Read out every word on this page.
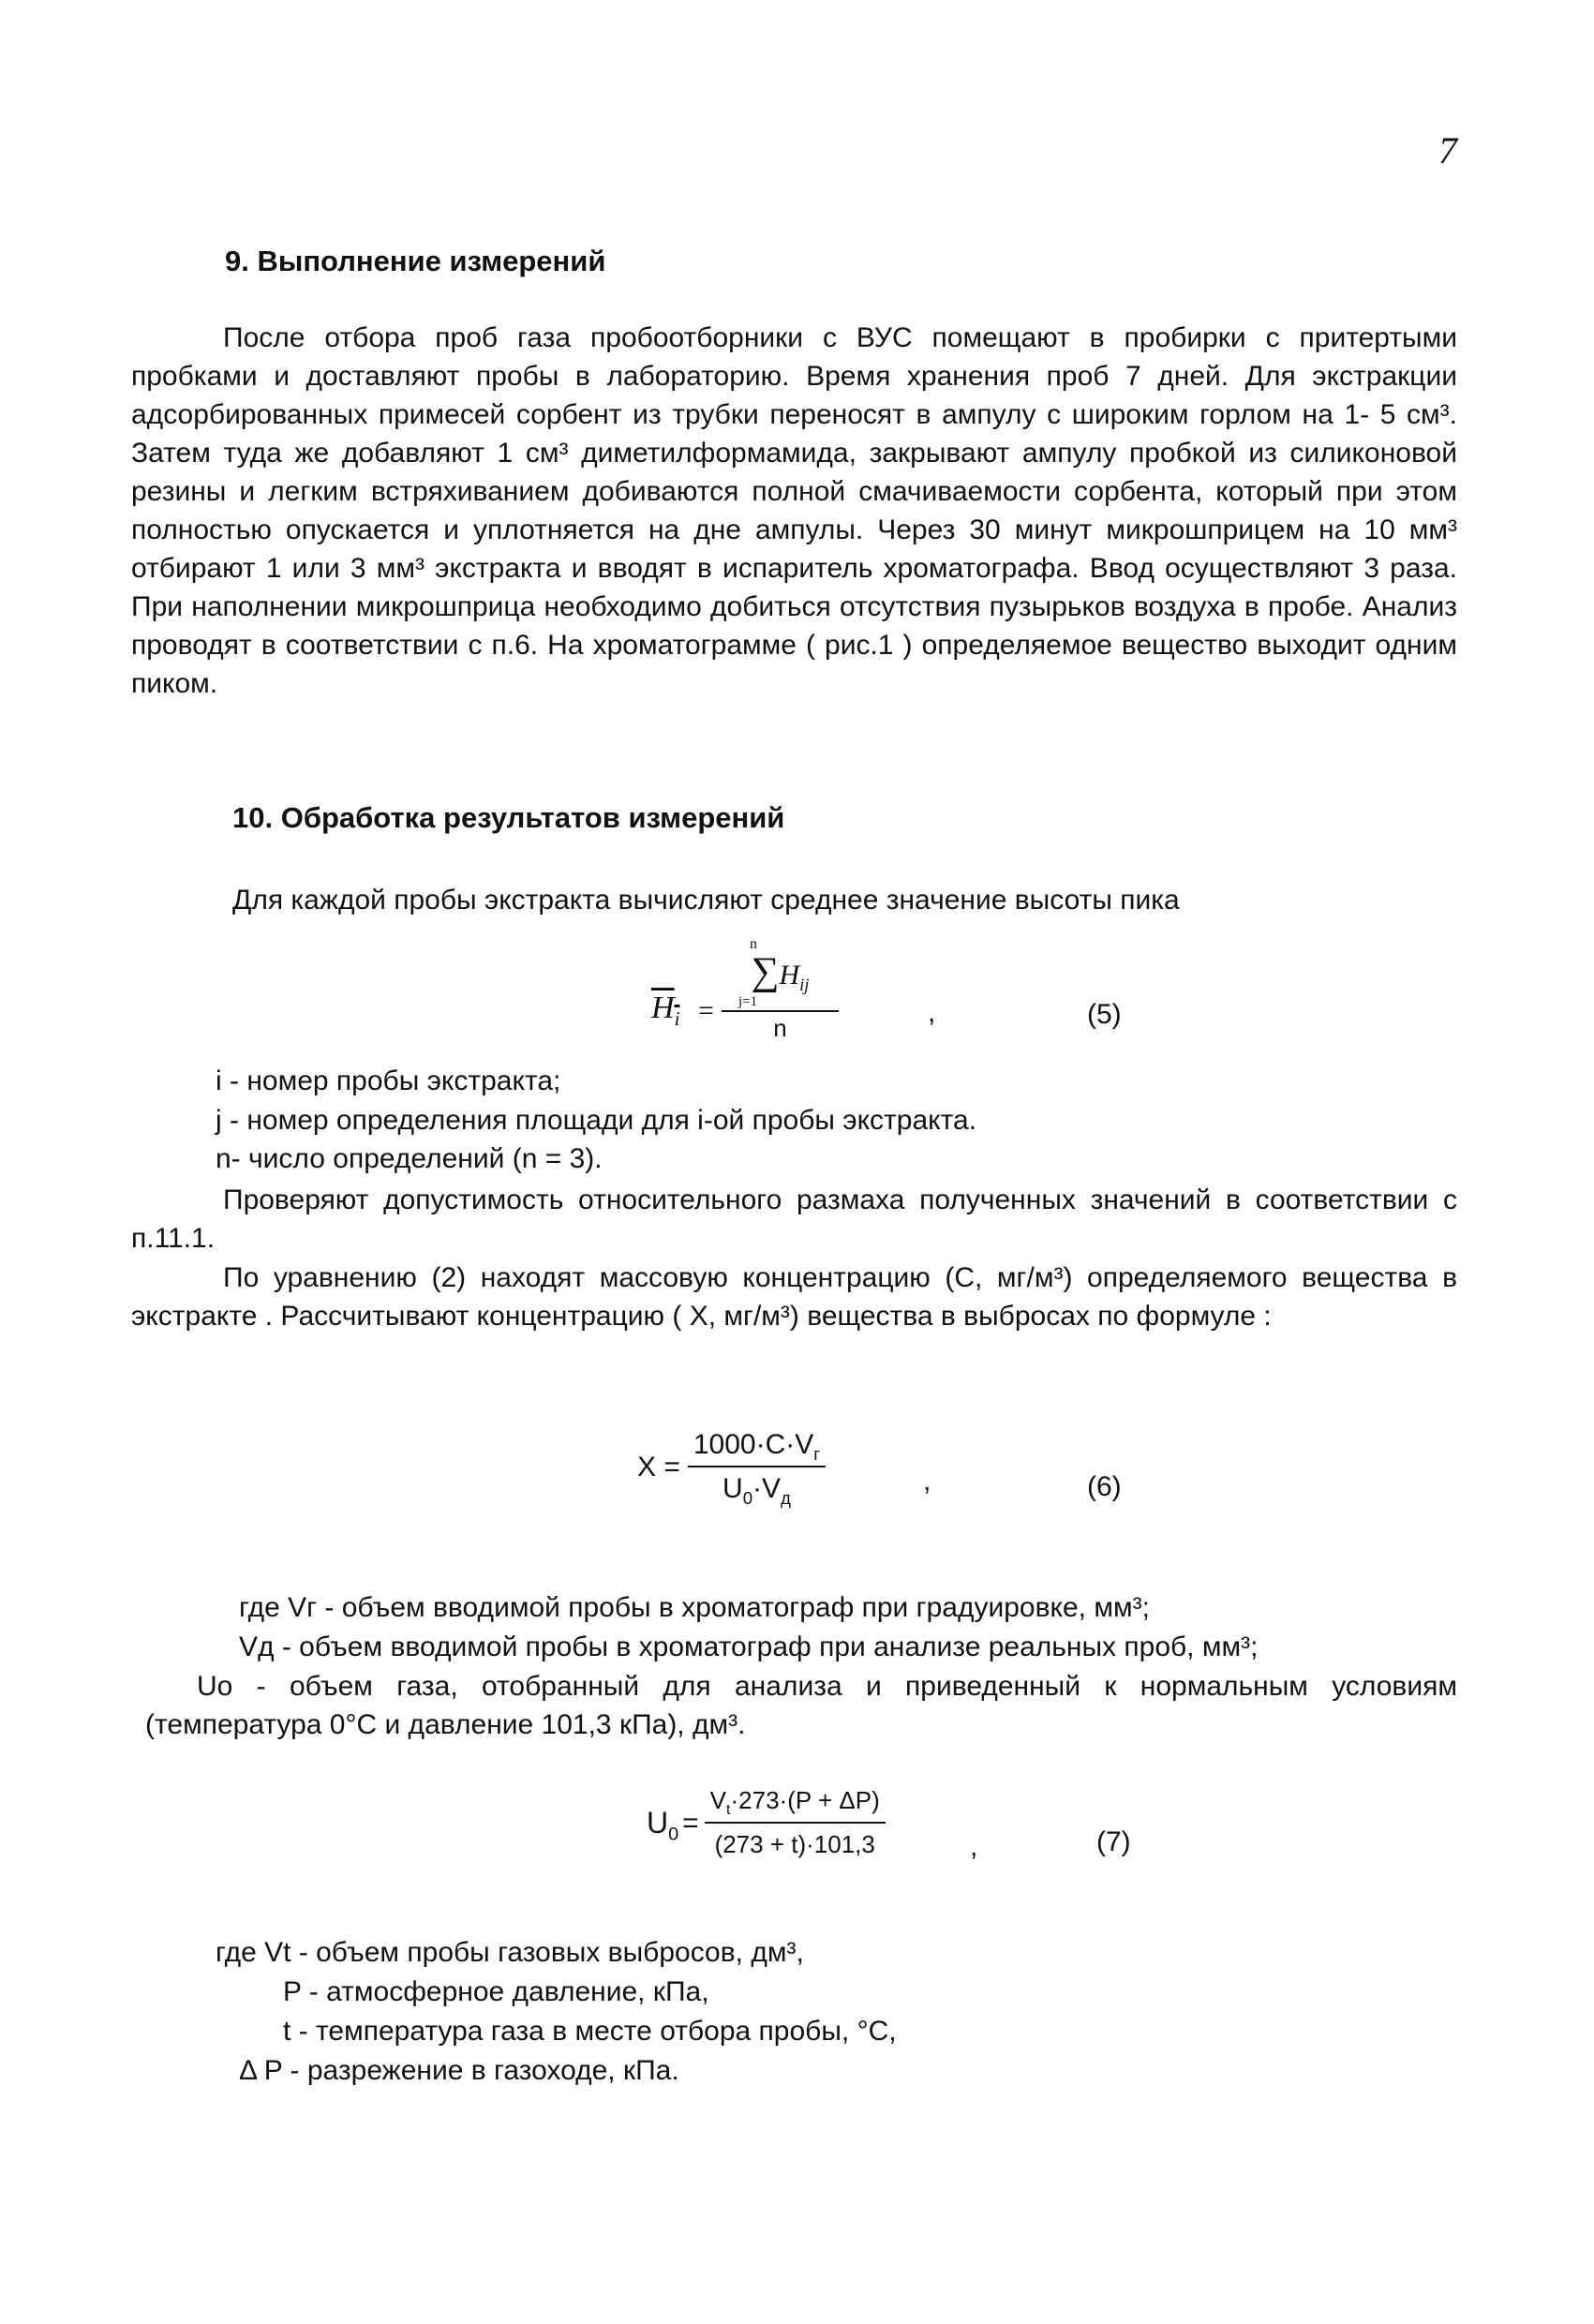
7
9. Выполнение измерений

После отбора проб газа пробоотборники с ВУС помещают в пробирки с притертыми пробками и доставляют пробы в лабораторию. Время хранения проб 7 дней. Для экстракции адсорбированных примесей сорбент из трубки переносят в ампулу с широким горлом на 1- 5 см³. Затем туда же добавляют 1 см³ диметилформамида, закрывают ампулу пробкой из силиконовой резины и легким встряхиванием добиваются полной смачиваемости сорбента, который при этом полностью опускается и уплотняется на дне ампулы. Через 30 минут микрошприцем на 10 мм³ отбирают 1 или 3 мм³ экстракта и вводят в испаритель хроматографа. Ввод осуществляют 3 раза. При наполнении микрошприца необходимо добиться отсутствия пузырьков воздуха в пробе. Анализ проводят в соответствии с п.6. На хроматограмме ( рис.1 ) определяемое вещество выходит одним пиком.

10. Обработка результатов измерений
Для каждой пробы экстракта вычисляют среднее значение высоты пика
$H_i$ =
n
$\sum H_{ij}$
j=1
n	,	(5)
i - номер пробы экстракта;
j - номер определения площади для i-ой пробы экстракта.
n- число определений (n = 3).

Проверяют допустимость относительного размаха полученных значений в соответствии с п.11.1.

По уравнению (2) находят массовую концентрацию (С, мг/м³) определяемого вещества в экстракте . Рассчитывают концентрацию ( Х, мг/м³) вещества в выбросах по формуле :

$X = \frac{1000\cdot C\cdot V_г}{U_0\cdot V_д}$	,	(6)
где Vг - объем вводимой пробы в хроматограф при градуировке, мм³;
Vд - объем вводимой пробы в хроматограф при анализе реальных проб, мм³;

Uo - объем газа, отобранный для анализа и приведенный к нормальным условиям (температура 0°С и давление 101,3 кПа), дм³.

$U_0 = \frac{V_t\cdot 273\cdot(P + \Delta P)}{(273 + t)\cdot 101,3}$	,	(7)
где Vt - объем пробы газовых выбросов, дм³,
P - атмосферное давление, кПа,
t - температура газа в месте отбора пробы, °С,
Δ P - разрежение в газоходе, кПа.
